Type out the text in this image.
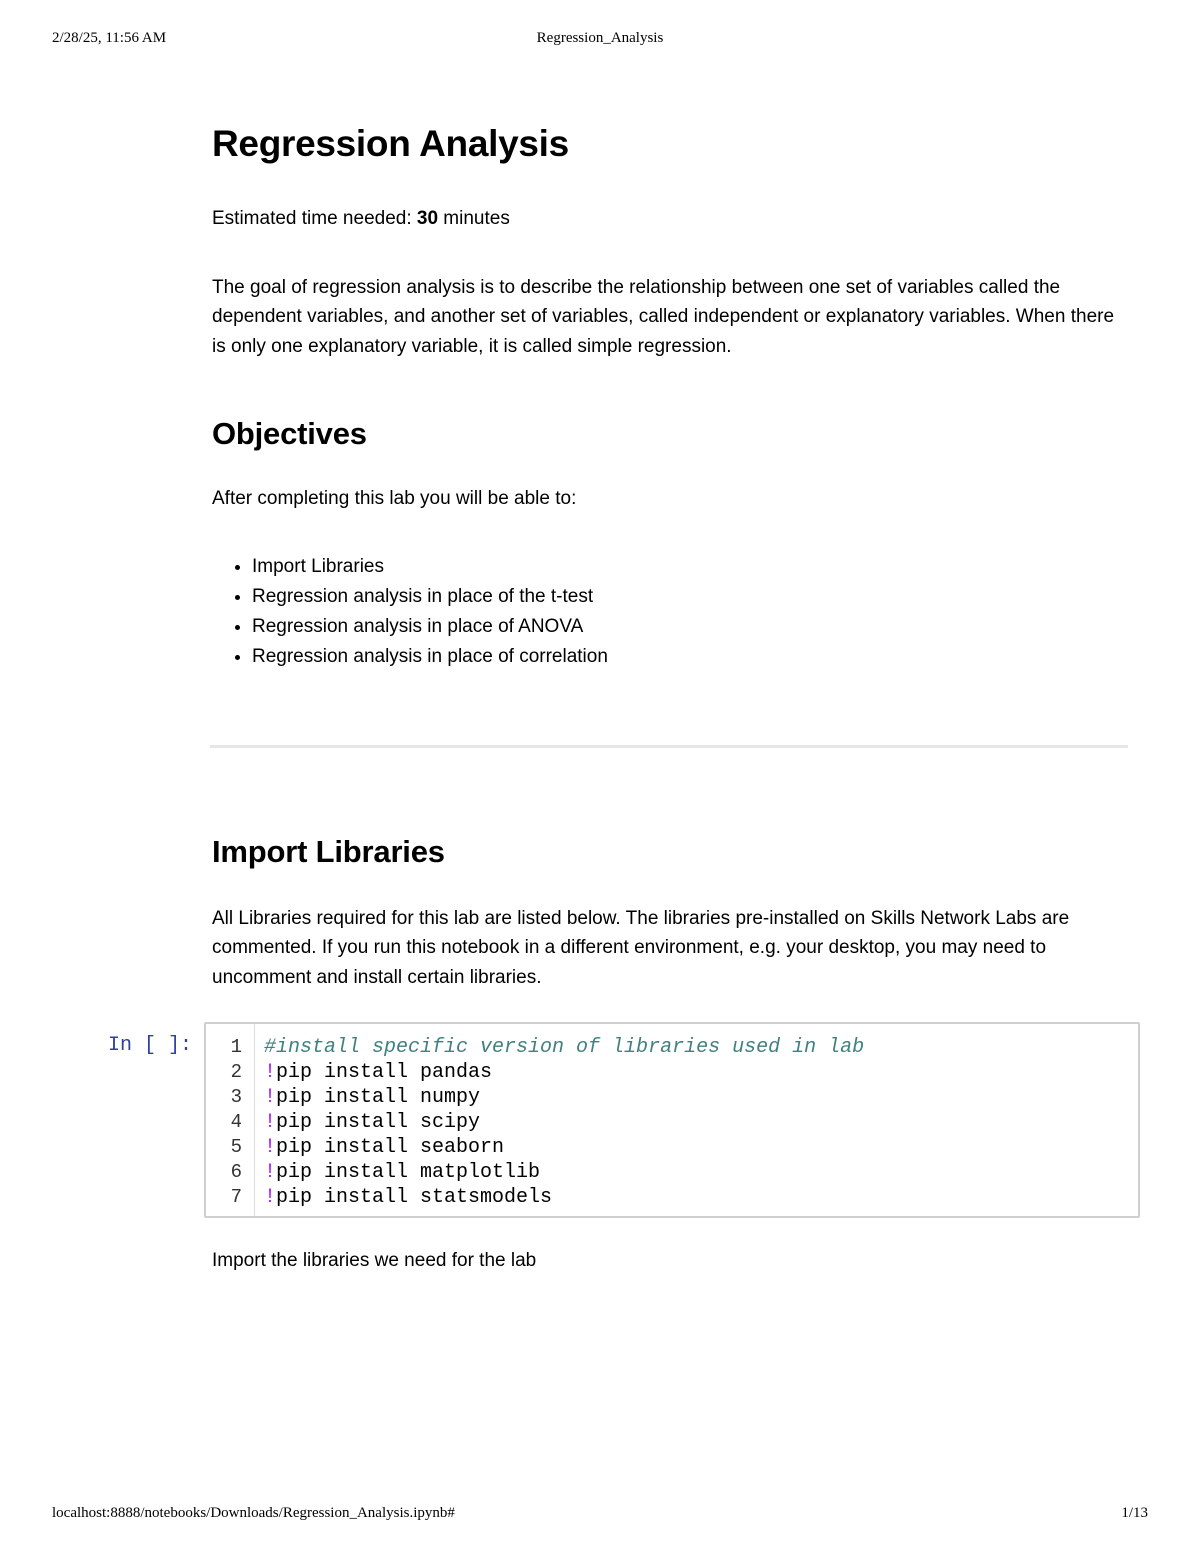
2/28/25, 11:56 AM	Regression_Analysis
Regression Analysis

Estimated time needed: 30 minutes

The goal of regression analysis is to describe the relationship between one set of variables called the dependent variables, and another set of variables, called independent or explanatory variables. When there is only one explanatory variable, it is called simple regression.

Objectives

After completing this lab you will be able to:

• Import Libraries
• Regression analysis in place of the t-test
• Regression analysis in place of ANOVA
• Regression analysis in place of correlation
Import Libraries

All Libraries required for this lab are listed below. The libraries pre-installed on Skills Network Labs are commented. If you run this notebook in a different environment, e.g. your desktop, you may need to uncomment and install certain libraries.

In [ ]:	1
2
3
4
5
6
7
#install specific version of libraries used in lab
!pip install pandas
!pip install numpy
!pip install scipy
!pip install seaborn
!pip install matplotlib
!pip install statsmodels

Import the libraries we need for the lab

localhost:8888/notebooks/Downloads/Regression_Analysis.ipynb#	1/13
